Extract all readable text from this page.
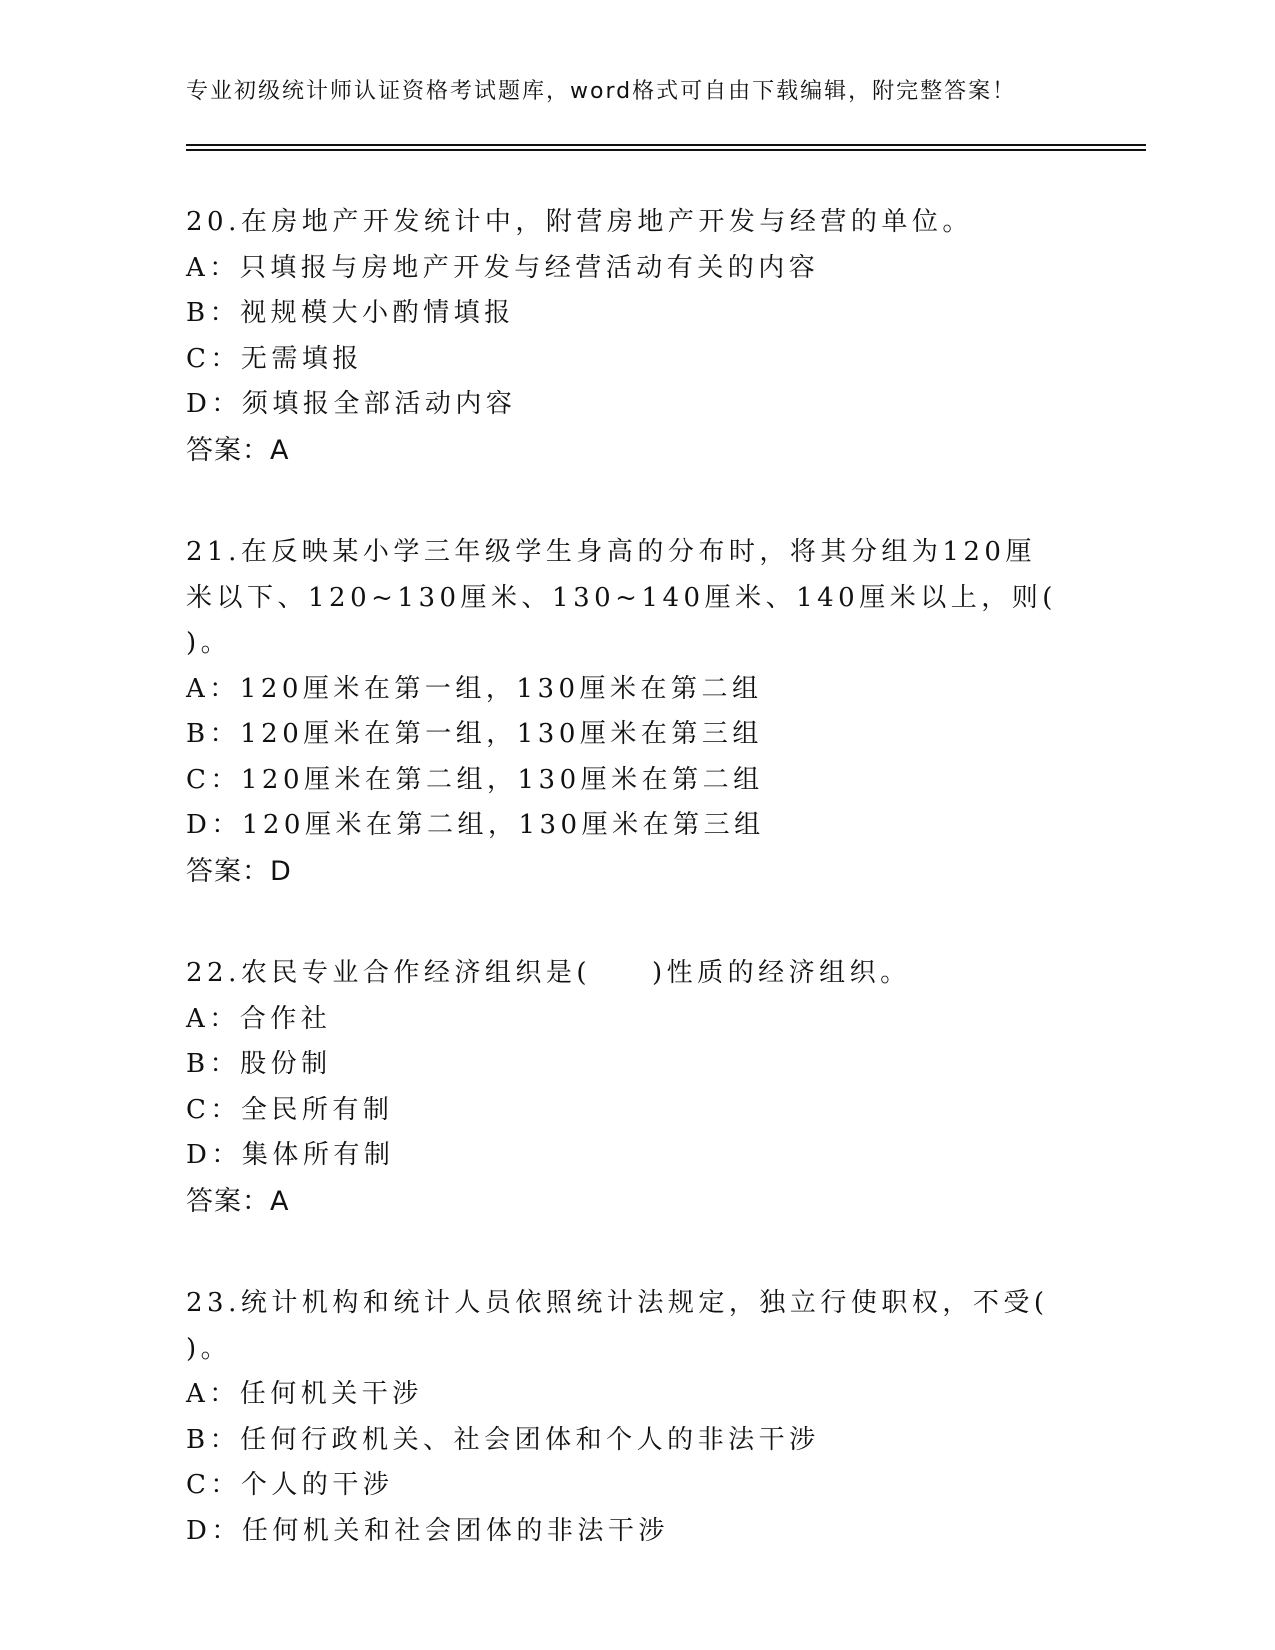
专业初级统计师认证资格考试题库，word格式可自由下载编辑，附完整答案！
20.在房地产开发统计中，附营房地产开发与经营的单位。
A：只填报与房地产开发与经营活动有关的内容
B：视规模大小酌情填报
C：无需填报
D：须填报全部活动内容
答案：A
21.在反映某小学三年级学生身高的分布时，将其分组为120厘米以下、120~130厘米、130~140厘米、140厘米以上，则(　　)。
A：120厘米在第一组，130厘米在第二组
B：120厘米在第一组，130厘米在第三组
C：120厘米在第二组，130厘米在第二组
D：120厘米在第二组，130厘米在第三组
答案：D
22.农民专业合作经济组织是(　　)性质的经济组织。
A：合作社
B：股份制
C：全民所有制
D：集体所有制
答案：A
23.统计机构和统计人员依照统计法规定，独立行使职权，不受(　　)。
A：任何机关干涉
B：任何行政机关、社会团体和个人的非法干涉
C：个人的干涉
D：任何机关和社会团体的非法干涉
